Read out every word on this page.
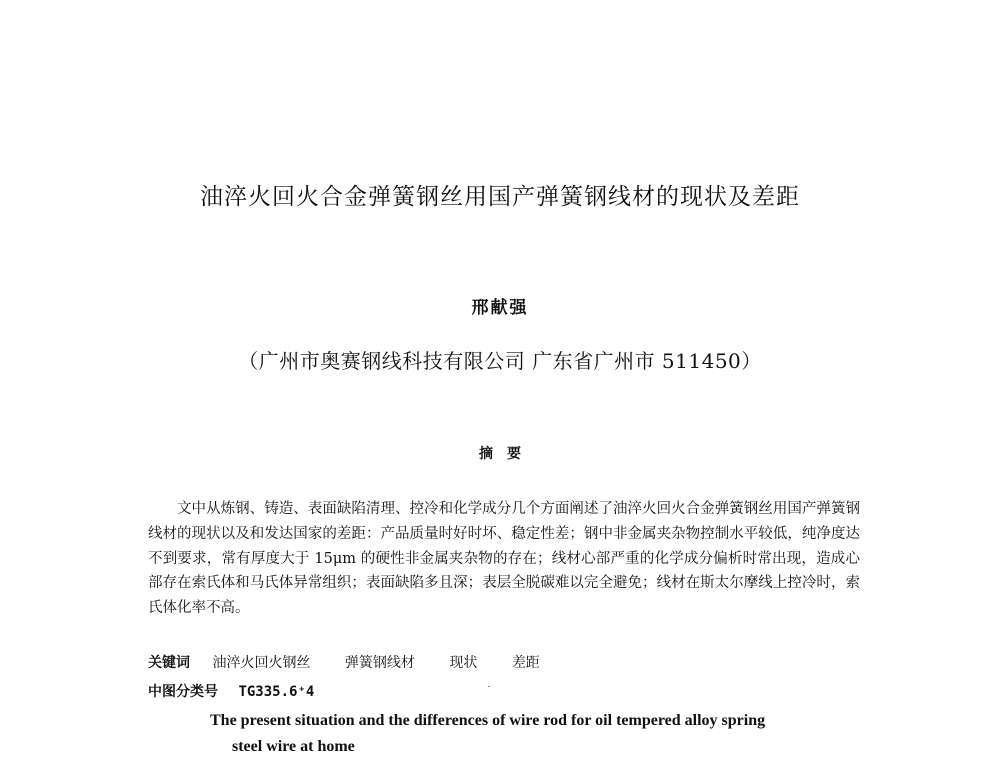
油淬火回火合金弹簧钢丝用国产弹簧钢线材的现状及差距
邢献强
（广州市奥赛钢线科技有限公司 广东省广州市 511450）
摘要

文中从炼钢、铸造、表面缺陷清理、控冷和化学成分几个方面阐述了油淬火回火合金弹簧钢丝用国产弹簧钢线材的现状以及和发达国家的差距：产品质量时好时坏、稳定性差；钢中非金属夹杂物控制水平较低，纯净度达不到要求，常有厚度大于 15μm 的硬性非金属夹杂物的存在；线材心部严重的化学成分偏析时常出现，造成心部存在索氏体和马氏体异常组织；表面缺陷多且深；表层全脱碳难以完全避免；线材在斯太尔摩线上控冷时，索氏体化率不高。

关键词 油淬火回火钢丝 弹簧钢线材 现状 差距
中图分类号 TG335.6⁺4

The present situation and the differences of wire rod for oil tempered alloy spring
steel wire at home
